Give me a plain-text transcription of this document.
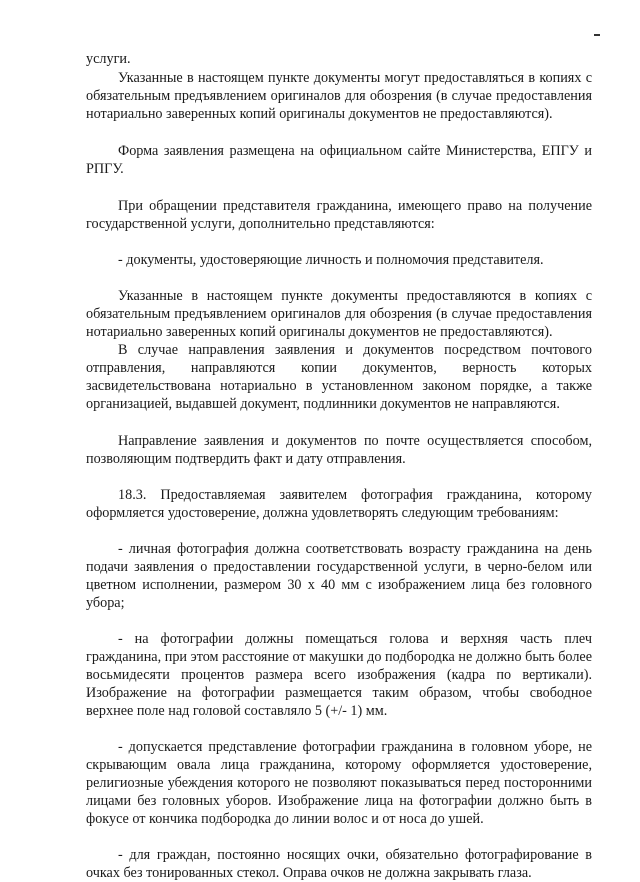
услуги.

Указанные в настоящем пункте документы могут предоставляться в копиях с обязательным предъявлением оригиналов для обозрения (в случае предоставления нотариально заверенных копий оригиналы документов не предоставляются).

Форма заявления размещена на официальном сайте Министерства, ЕПГУ и РПГУ.

При обращении представителя гражданина, имеющего право на получение государственной услуги, дополнительно представляются:

- документы, удостоверяющие личность и полномочия представителя.

Указанные в настоящем пункте документы предоставляются в копиях с обязательным предъявлением оригиналов для обозрения (в случае предоставления нотариально заверенных копий оригиналы документов не предоставляются).

В случае направления заявления и документов посредством почтового отправления, направляются копии документов, верность которых засвидетельствована нотариально в установленном законом порядке, а также организацией, выдавшей документ, подлинники документов не направляются.

Направление заявления и документов по почте осуществляется способом, позволяющим подтвердить факт и дату отправления.

18.3. Предоставляемая заявителем фотография гражданина, которому оформляется удостоверение, должна удовлетворять следующим требованиям:

- личная фотография должна соответствовать возрасту гражданина на день подачи заявления о предоставлении государственной услуги, в черно-белом или цветном исполнении, размером 30 х 40 мм с изображением лица без головного убора;

- на фотографии должны помещаться голова и верхняя часть плеч гражданина, при этом расстояние от макушки до подбородка не должно быть более восьмидесяти процентов размера всего изображения (кадра по вертикали). Изображение на фотографии размещается таким образом, чтобы свободное верхнее поле над головой составляло 5 (+/- 1) мм.

- допускается представление фотографии гражданина в головном уборе, не скрывающим овала лица гражданина, которому оформляется удостоверение, религиозные убеждения которого не позволяют показываться перед посторонними лицами без головных уборов. Изображение лица на фотографии должно быть в фокусе от кончика подбородка до линии волос и от носа до ушей.

- для граждан, постоянно носящих очки, обязательно фотографирование в очках без тонированных стекол. Оправа очков не должна закрывать глаза.
